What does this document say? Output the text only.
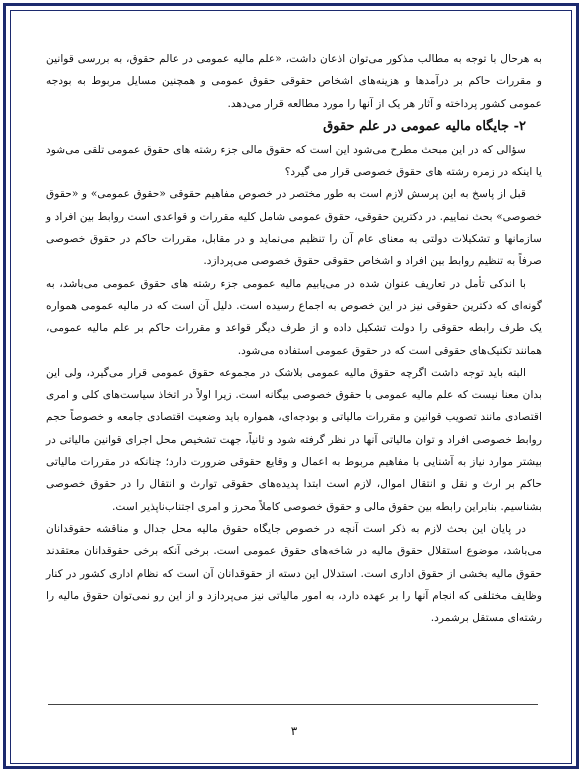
به هرحال با توجه به مطالب مذکور می‌توان اذعان داشت، «علم مالیه عمومی در عالم حقوق، به بررسی قوانین و مقررات حاکم بر درآمدها و هزینه‌های اشخاص حقوقی حقوق عمومی و همچنین مسایل مربوط به بودجه عمومی کشور پرداخته و آثار هر یک از آنها را مورد مطالعه قرار می‌دهد.

۲- جایگاه مالیه عمومی در علم حقوق

سؤالی که در این مبحث مطرح می‌شود این است که حقوق مالی جزء رشته های حقوق عمومی تلقی می‌شود یا اینکه در زمره رشته های حقوق خصوصی قرار می گیرد؟

قبل از پاسخ به این پرسش لازم است به طور مختصر در خصوص مفاهیم حقوقی «حقوق عمومی» و «حقوق خصوصی» بحث نماییم. در دکترین حقوقی، حقوق عمومی شامل کلیه مقررات و قواعدی است روابط بین افراد و سازمانها و تشکیلات دولتی به معنای عام آن را تنظیم می‌نماید و در مقابل، مقررات حاکم در حقوق خصوصی صرفاً به تنظیم روابط بین افراد و اشخاص حقوقی حقوق خصوصی می‌پردازد.

با اندکی تأمل در تعاریف عنوان شده در می‌یابیم مالیه عمومی جزء رشته های حقوق عمومی می‌باشد، به گونه‌ای که دکترین حقوقی نیز در این خصوص به اجماع رسیده است. دلیل آن است که در مالیه عمومی همواره یک طرف رابطه حقوقی را دولت تشکیل داده و از طرف دیگر قواعد و مقررات حاکم بر علم مالیه عمومی، همانند تکنیک‌های حقوقی است که در حقوق عمومی استفاده می‌شود.

البته باید توجه داشت اگرچه حقوق مالیه عمومی بلاشک در مجموعه حقوق عمومی قرار می‌گیرد، ولی این بدان معنا نیست که علم مالیه عمومی با حقوق خصوصی بیگانه است. زیرا اولاً در اتخاذ سیاست‌های کلی و امری اقتصادی مانند تصویب قوانین و مقررات مالیاتی و بودجه‌ای، همواره باید وضعیت اقتصادی جامعه و خصوصاً حجم روابط خصوصی افراد و توان مالیاتی آنها در نظر گرفته شود و ثانیاً، جهت تشخیص محل اجرای قوانین مالیاتی در بیشتر موارد نیاز به آشنایی با مفاهیم مربوط به اعمال و وقایع حقوقی ضرورت دارد؛ چنانکه در مقررات مالیاتی حاکم بر ارث و نقل و انتقال اموال، لازم است ابتدا پدیده‌های حقوقی توارث و انتقال را در حقوق خصوصی بشناسیم. بنابراین رابطه بین حقوق مالی و حقوق خصوصی کاملاً محرز و امری اجتناب‌ناپذیر است.

در پایان این بحث لازم به ذکر است آنچه در خصوص جایگاه حقوق مالیه محل جدال و مناقشه حقوقدانان می‌باشد، موضوع استقلال حقوق مالیه در شاخه‌های حقوق عمومی است. برخی آنکه برخی حقوقدانان معتقدند حقوق مالیه بخشی از حقوق اداری است. استدلال این دسته از حقوقدانان آن است که نظام اداری کشور در کنار وظایف مختلفی که انجام آنها را بر عهده دارد، به امور مالیاتی نیز می‌پردازد و از این رو نمی‌توان حقوق مالیه را رشته‌ای مستقل برشمرد.

۳
